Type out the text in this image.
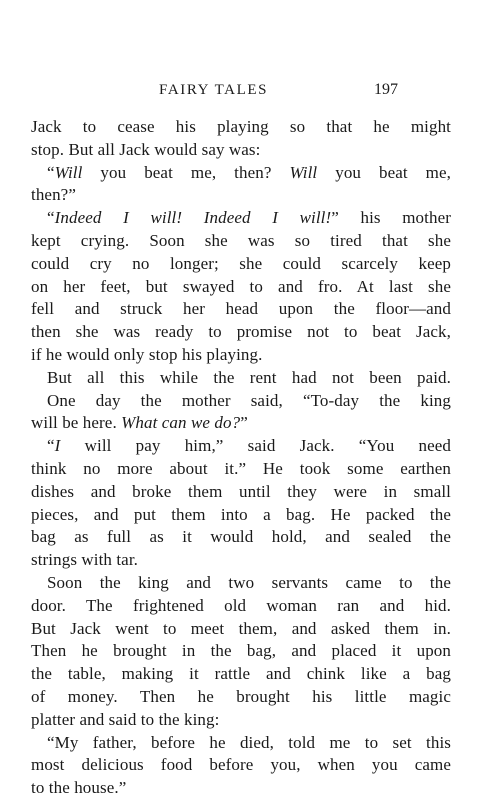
FAIRY TALES	197
Jack to cease his playing so that he might
stop. But all Jack would say was:
“Will you beat me, then? Will you beat me,
then?”
“Indeed I will! Indeed I will!” his mother
kept crying. Soon she was so tired that she
could cry no longer; she could scarcely keep
on her feet, but swayed to and fro. At last she
fell and struck her head upon the floor—and
then she was ready to promise not to beat Jack,
if he would only stop his playing.
But all this while the rent had not been paid.
One day the mother said, “To-day the king
will be here. What can we do?”
“I will pay him,” said Jack. “You need
think no more about it.” He took some earthen
dishes and broke them until they were in small
pieces, and put them into a bag. He packed the
bag as full as it would hold, and sealed the
strings with tar.
Soon the king and two servants came to the
door. The frightened old woman ran and hid.
But Jack went to meet them, and asked them in.
Then he brought in the bag, and placed it upon
the table, making it rattle and chink like a bag
of money. Then he brought his little magic
platter and said to the king:
“My father, before he died, told me to set this
most delicious food before you, when you came
to the house.”
